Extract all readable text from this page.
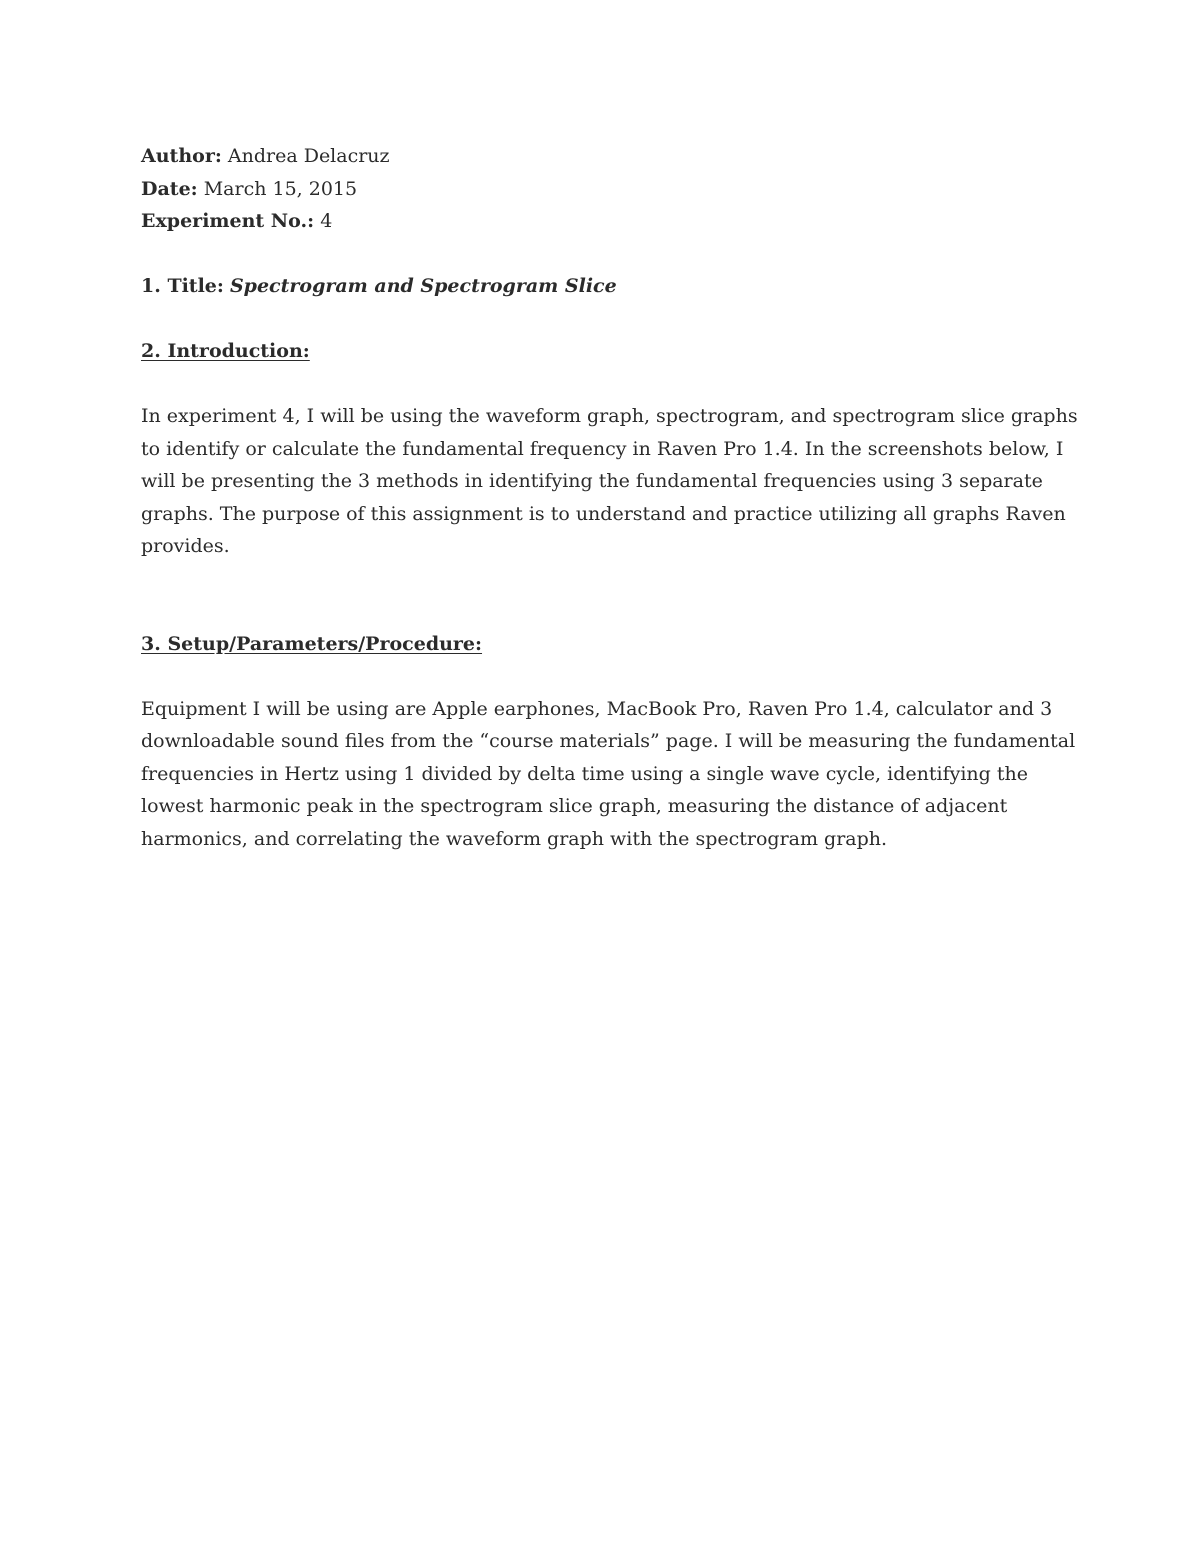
Author: Andrea Delacruz

Date: March 15, 2015

Experiment No.: 4

1. Title: Spectrogram and Spectrogram Slice

2. Introduction:

In experiment 4, I will be using the waveform graph, spectrogram, and spectrogram slice graphs

to identify or calculate the fundamental frequency in Raven Pro 1.4. In the screenshots below, I

will be presenting the 3 methods in identifying the fundamental frequencies using 3 separate

graphs. The purpose of this assignment is to understand and practice utilizing all graphs Raven

provides.

3. Setup/Parameters/Procedure:

Equipment I will be using are Apple earphones, MacBook Pro, Raven Pro 1.4, calculator and 3

downloadable sound files from the “course materials” page. I will be measuring the fundamental

frequencies in Hertz using 1 divided by delta time using a single wave cycle, identifying the

lowest harmonic peak in the spectrogram slice graph, measuring the distance of adjacent

harmonics, and correlating the waveform graph with the spectrogram graph.
